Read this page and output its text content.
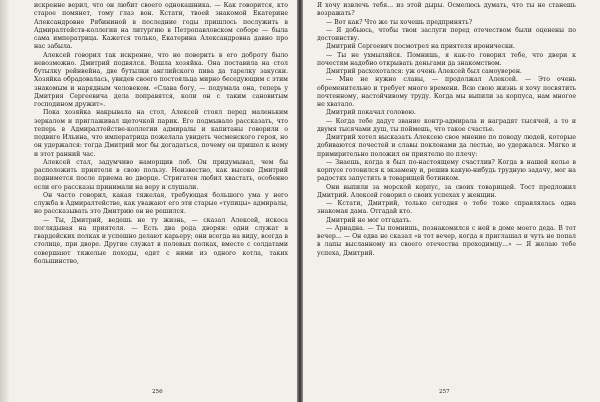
искренне верил, что он любит своего однокашника. — Как говорится, кто старое помянет, тому глаз вон. Кстати, твоей знакомой Екатерине Александровне Рябининой в последние годы пришлось послужить в Адмиралтейств-коллегии на литургию в Петропавловском соборе — была сама императрица. Кажется только, Екатерина Александровна давно про нас забыла.

Алексей говорил так искренне, что не поверить в его доброту было невозможно. Дмитрий подвялся. Вошла хозяйка. Она поставила на стол бутылку рейнвейна, две бутылки английского пива да тарелку закуски. Хозяйка обрадовалась, увидев своего постояльца мирно беседующим с этим знакомым и нарядным человеком. «Слава богу, — подумала она, теперь у Дмитрия Сергеевича дела поправятся, коли он с таким сановитым господином дружит».

Пока хозяйка накрывала на стол, Алексей стоял перед маленьким зеркалом и приглаживал щеточкой парик. Его подмывало рассказать, что теперь в Адмиралтействе-коллегии адмиралы и капитаны говорили о подвиге Ильина, что императрица пожелала увидеть чесменского героя, но он удержался: тогда Дмитрий мог бы догадаться, почему он пришел к нему и этот ранний час.

Алексей стал, задумчиво наморщив лоб. Он придумывал, чем бы расположить приятеля в свою пользу. Неизвестно, как высоко Дмитрий поднимется после приема во дворце. Стригатен любил хвастать, особенно если его рассказы принимали на веру и слушали.

Он часто говорил, какая тяжелая, требующая большого ума у него служба в Адмиралтействе, как уважают его эти старые «тупицы» адмиралы, но рассказывать это Дмитрию он не решился.

— Ты, Дмитрий, ведешь не ту жизнь, — сказал Алексей, искоса поглядывая на приятеля. — Есть два рода дворян: одни служат в гвардейских полках и успешно делают карьеру; они всегда на виду, всегда в столице, при дворе. Другие служат в полевых полках, вместе с солдатами совершают тяжелые походы, едят с ними из одного котла, таких большинство,

256

Я хочу извлечь тебя... из этой дыры. Осмелюсь думать, что ты не станешь возражать?

— Вот как? Что же ты хочешь предпринять?

— Я добьюсь, чтобы твои заслуги перед отечеством были оценены по достоинству.

Дмитрий Сергеевич посмотрел на приятеля иронически.

— Ты не ухмыляйся. Помнишь, я как-то говорил тебе, что двери к почестям надобно открывать деньгами да знакомством.

Дмитрий расхохотался: уж очень Алексей был самоуверен.

— Мне не нужно славы, — продолжал Алексей. — Это очень обременительно и требует много времени. Всю свою жизнь я хочу посвятить почтенному, настойчивому труду. Когда мы выпили за корпуса, нам многое не хватало.

Дмитрий покачал головою.

— Когда тебе дадут звание контр-адмирала и наградят тысячей, а то и двумя тысячами душ, ты поймешь, что такое счастье.

Дмитрий хотел высказать Алексею свое мнение по поводу людей, которые добиваются почестей и славы поклонами да лестью, но удержался. Мягко и примирительно положил он приятелю по плечу:

— Знаешь, когда я был по-настоящему счастлив? Когда в нашей келье в корпусе готовился к экзамену и, решив какую-нибудь трудную задачу, мог на радостях запустить в товарищей ботинком.

Они выпили за морской корпус, за своих товарищей. Тост предложил Дмитрий. Алексей говорил о своих успехах у женщин.

— Кстати, Дмитрий, только сегодня о тебе тоже справлялась одна знакомая дама. Отгадай кто.

Дмитрий не мог отгадать.

— Ариадна. — Ты помнишь, познакомился с ней в доме моего деда. В тот вечер... — Он едва не сказал «в тот вечер, когда я приглашал и чуть не попал в лапы высланному из своего отечества проходимцу...» — Я желаю тебе успеха, Дмитрий.

257
